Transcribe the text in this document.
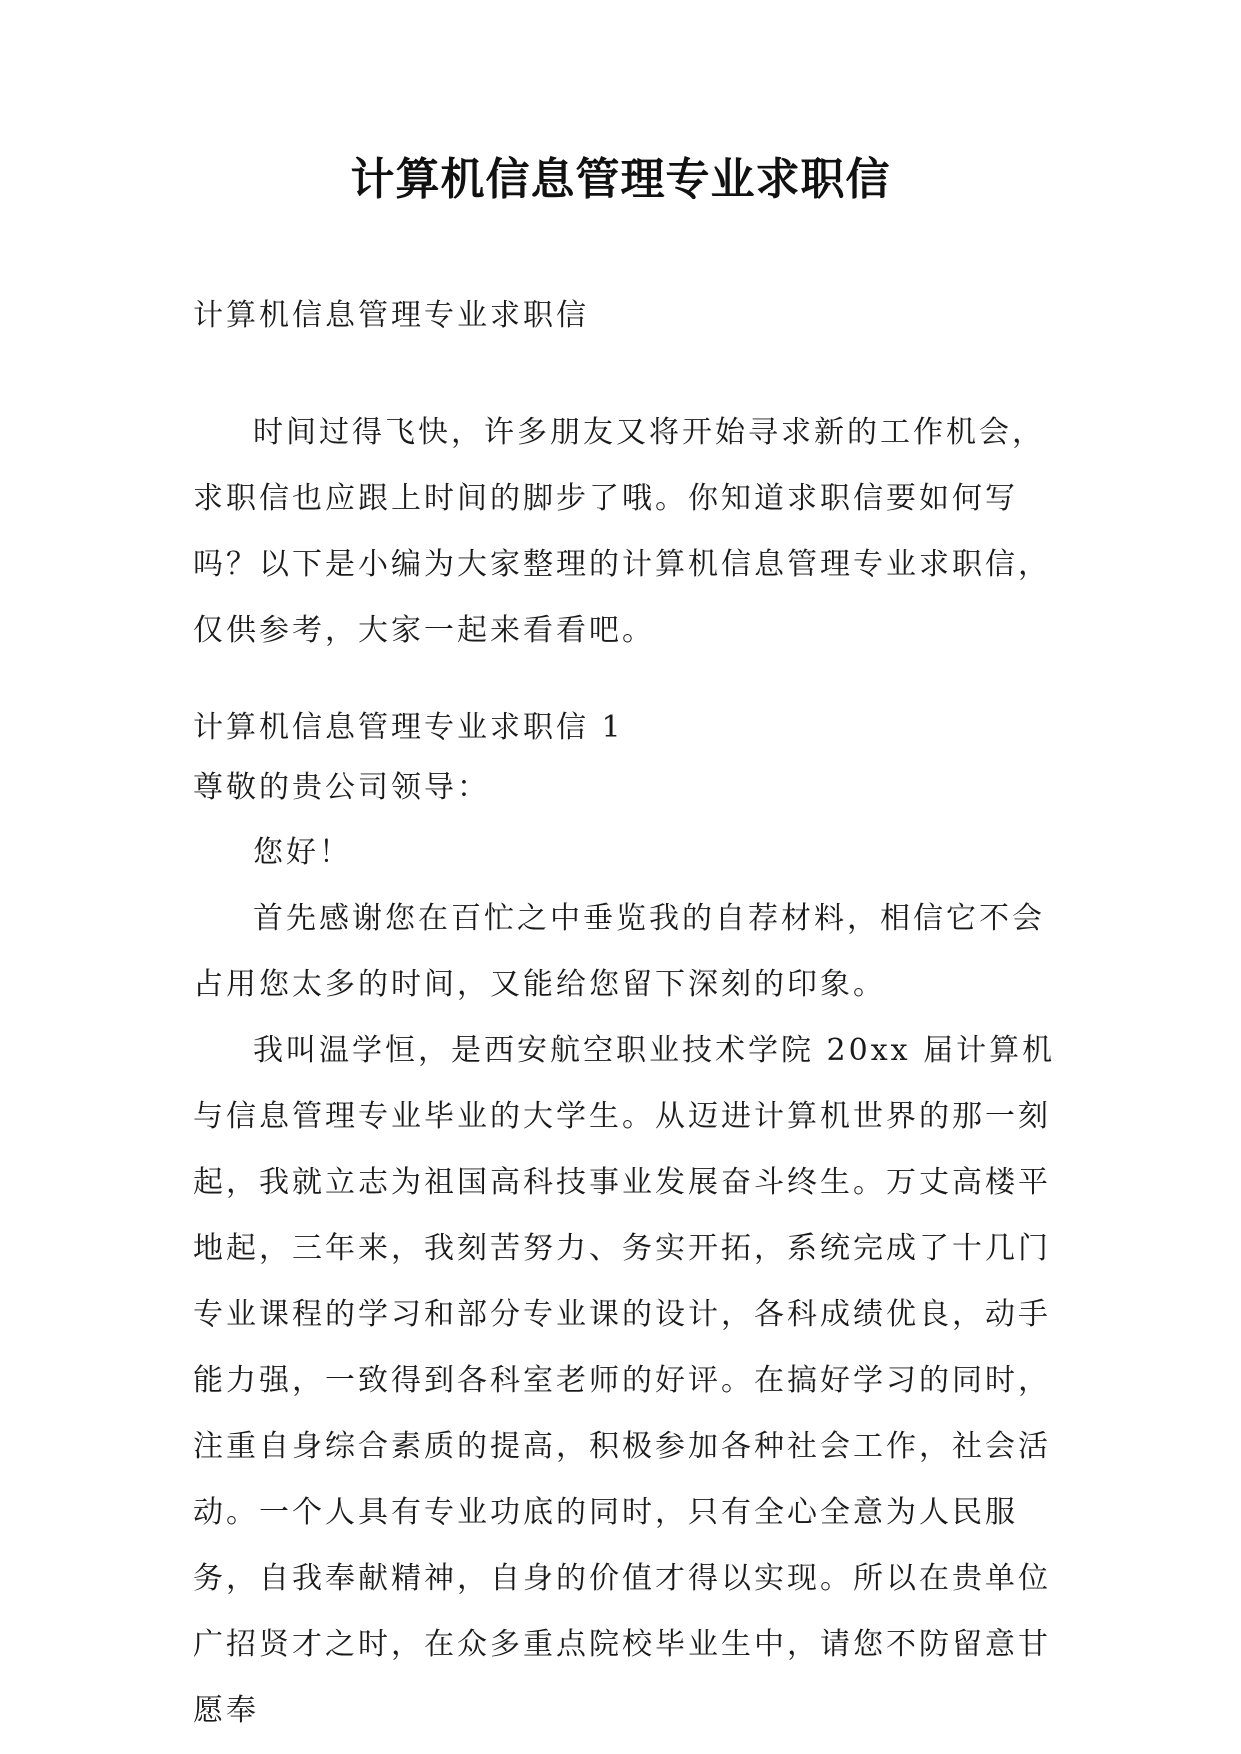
计算机信息管理专业求职信
计算机信息管理专业求职信

时间过得飞快，许多朋友又将开始寻求新的工作机会，求职信也应跟上时间的脚步了哦。你知道求职信要如何写吗？以下是小编为大家整理的计算机信息管理专业求职信，仅供参考，大家一起来看看吧。

计算机信息管理专业求职信 1
尊敬的贵公司领导：

您好！

首先感谢您在百忙之中垂览我的自荐材料，相信它不会占用您太多的时间，又能给您留下深刻的印象。

我叫温学恒，是西安航空职业技术学院 20xx 届计算机与信息管理专业毕业的大学生。从迈进计算机世界的那一刻起，我就立志为祖国高科技事业发展奋斗终生。万丈高楼平地起，三年来，我刻苦努力、务实开拓，系统完成了十几门专业课程的学习和部分专业课的设计，各科成绩优良，动手能力强，一致得到各科室老师的好评。在搞好学习的同时，注重自身综合素质的提高，积极参加各种社会工作，社会活动。一个人具有专业功底的同时，只有全心全意为人民服务，自我奉献精神，自身的价值才得以实现。所以在贵单位广招贤才之时，在众多重点院校毕业生中，请您不防留意甘愿奉
